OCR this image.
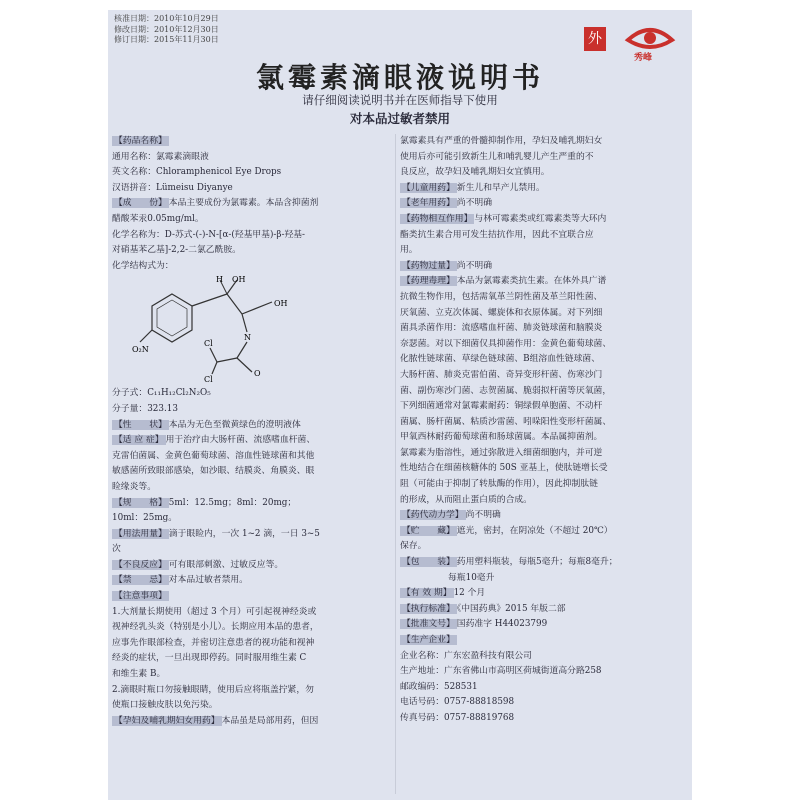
核准日期：2010年10月29日
修改日期：2010年12月30日
修订日期：2015年11月30日	外
秀峰
氯霉素滴眼液说明书
请仔细阅读说明书并在医师指导下使用
对本品过敏者禁用
【药品名称】
通用名称：氯霉素滴眼液
英文名称：Chloramphenicol Eye Drops
汉语拼音：Lümeisu Diyanye
【成　　份】 本品主要成份为氯霉素。本品含抑菌剂
醋酸苯汞0.05mg/ml。
化学名称为：D-苏式-(-)-N-[α-(羟基甲基)-β-羟基-
对硝基苯乙基]-2,2-二氯乙酰胺。
化学结构式为：
OH
H
OH
N
O
Cl
Cl
O₂N
分子式：C₁₁H₁₂Cl₂N₂O₅
分子量：323.13
【性　　状】 本品为无色至微黄绿色的澄明液体
【适 应 症】 用于治疗由大肠杆菌、流感嗜血杆菌、
克雷伯菌属、金黄色葡萄球菌、溶血性链球菌和其他
敏感菌所致眼部感染，如沙眼、结膜炎、角膜炎、眼
睑缘炎等。
【规　　格】 5ml：12.5mg；8ml：20mg；
10ml：25mg。
【用法用量】 滴于眼睑内，一次 1~2 滴，一日 3~5
次
【不良反应】 可有眼部刺激、过敏反应等。
【禁　　忌】 对本品过敏者禁用。
【注意事项】
1.大剂量长期使用（超过 3 个月）可引起视神经炎或
视神经乳头炎（特别是小儿）。长期应用本品的患者，
应事先作眼部检查，并密切注意患者的视功能和视神
经炎的症状，一旦出现即停药。同时服用维生素 C
和维生素 B。
2.滴眼时瓶口勿接触眼睛，使用后应将瓶盖拧紧，勿
使瓶口接触皮肤以免污染。
【孕妇及哺乳期妇女用药】 本品虽是局部用药，但因
氯霉素具有严重的骨髓抑制作用，孕妇及哺乳期妇女
使用后亦可能引致新生儿和哺乳婴儿产生严重的不
良反应，故孕妇及哺乳期妇女宜慎用。
【儿童用药】 新生儿和早产儿禁用。
【老年用药】 尚不明确
【药物相互作用】 与林可霉素类或红霉素类等大环内
酯类抗生素合用可发生拮抗作用，因此不宜联合应
用。
【药物过量】 尚不明确
【药理毒理】 本品为氯霉素类抗生素。在体外具广谱
抗微生物作用，包括需氧革兰阴性菌及革兰阳性菌、
厌氧菌、立克次体属、螺旋体和衣原体属。对下列细
菌具杀菌作用：流感嗜血杆菌、肺炎链球菌和脑膜炎
奈瑟菌。对以下细菌仅具抑菌作用：金黄色葡萄球菌、
化脓性链球菌、草绿色链球菌、B组溶血性链球菌、
大肠杆菌、肺炎克雷伯菌、奇异变形杆菌、伤寒沙门
菌、副伤寒沙门菌、志贺菌属、脆弱拟杆菌等厌氧菌，
下列细菌通常对氯霉素耐药：铜绿假单胞菌、不动杆
菌属、肠杆菌属、粘质沙雷菌、吲哚阳性变形杆菌属、
甲氧西林耐药葡萄球菌和肠球菌属。本品属抑菌剂。
氯霉素为脂溶性，通过弥散进入细菌细胞内，并可逆
性地结合在细菌核糖体的 50S 亚基上，使肽链增长受
阻（可能由于抑制了转肽酶的作用），因此抑制肽链
的形成，从而阻止蛋白质的合成。
【药代动力学】 尚不明确
【贮　　藏】 遮光，密封，在阴凉处（不超过 20℃）
保存。
【包　　装】 药用塑料瓶装，每瓶5毫升；每瓶8毫升；
每瓶10毫升
【有 效 期】 12 个月
【执行标准】 《中国药典》2015 年版二部
【批准文号】 国药准字 H44023799
【生产企业】
企业名称：广东宏盈科技有限公司
生产地址：广东省佛山市高明区荷城街道高分路258
邮政编码：528531
电话号码：0757-88818598
传真号码：0757-88819768
